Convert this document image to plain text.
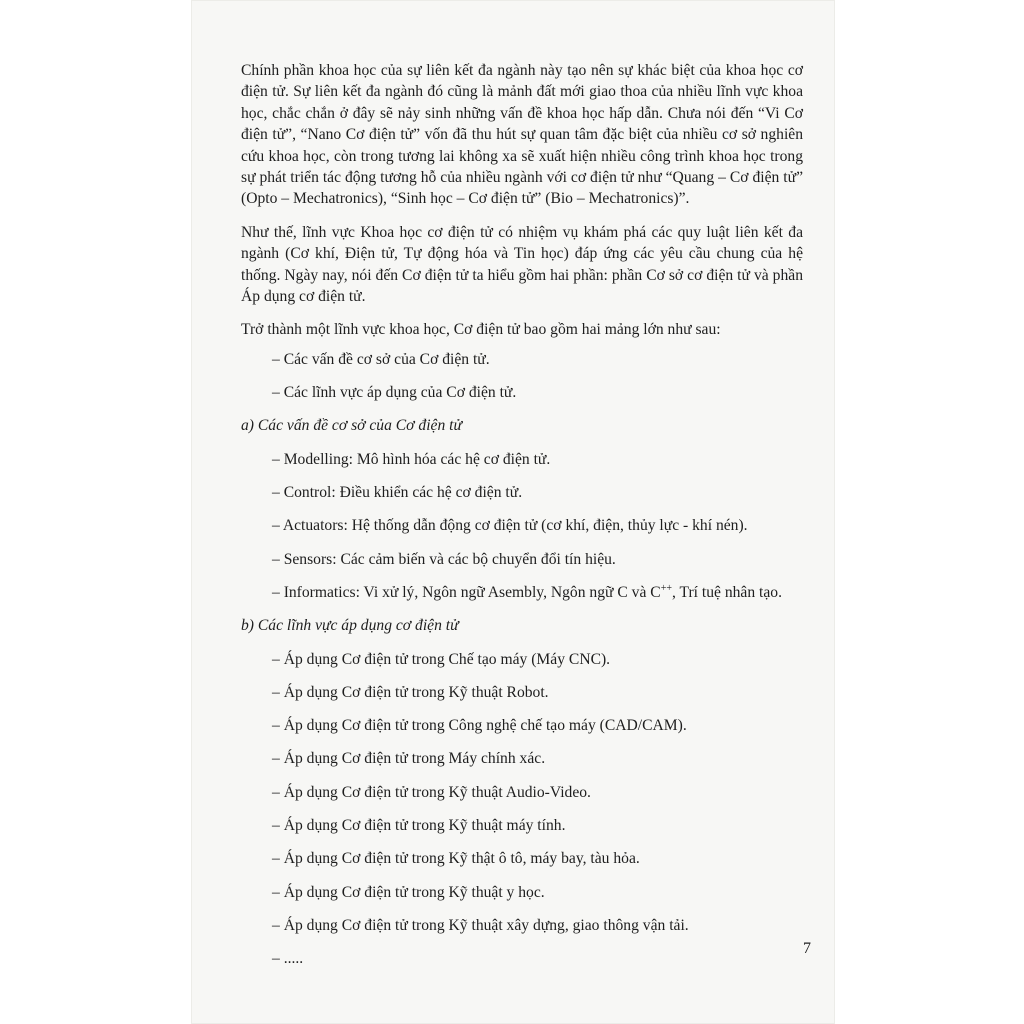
Chính phần khoa học của sự liên kết đa ngành này tạo nên sự khác biệt của khoa học cơ điện tử. Sự liên kết đa ngành đó cũng là mảnh đất mới giao thoa của nhiều lĩnh vực khoa học, chắc chắn ở đây sẽ nảy sinh những vấn đề khoa học hấp dẫn. Chưa nói đến “Vi Cơ điện tử”, “Nano Cơ điện tử” vốn đã thu hút sự quan tâm đặc biệt của nhiều cơ sở nghiên cứu khoa học, còn trong tương lai không xa sẽ xuất hiện nhiều công trình khoa học trong sự phát triển tác động tương hỗ của nhiều ngành với cơ điện tử như “Quang – Cơ điện tử” (Opto – Mechatronics), “Sinh học – Cơ điện tử” (Bio – Mechatronics)”.

Như thế, lĩnh vực Khoa học cơ điện tử có nhiệm vụ khám phá các quy luật liên kết đa ngành (Cơ khí, Điện tử, Tự động hóa và Tin học) đáp ứng các yêu cầu chung của hệ thống. Ngày nay, nói đến Cơ điện tử ta hiểu gồm hai phần: phần Cơ sở cơ điện tử và phần Áp dụng cơ điện tử.

Trở thành một lĩnh vực khoa học, Cơ điện tử bao gồm hai mảng lớn như sau:

– Các vấn đề cơ sở của Cơ điện tử.
– Các lĩnh vực áp dụng của Cơ điện tử.
a) Các vấn đề cơ sở của Cơ điện tử
– Modelling: Mô hình hóa các hệ cơ điện tử.
– Control: Điều khiển các hệ cơ điện tử.
– Actuators: Hệ thống dẫn động cơ điện tử (cơ khí, điện, thủy lực - khí nén).
– Sensors: Các cảm biến và các bộ chuyển đổi tín hiệu.
– Informatics: Vi xử lý, Ngôn ngữ Asembly, Ngôn ngữ C và C++, Trí tuệ nhân tạo.
b) Các lĩnh vực áp dụng cơ điện tử
– Áp dụng Cơ điện tử trong Chế tạo máy (Máy CNC).
– Áp dụng Cơ điện tử trong Kỹ thuật Robot.
– Áp dụng Cơ điện tử trong Công nghệ chế tạo máy (CAD/CAM).
– Áp dụng Cơ điện tử trong Máy chính xác.
– Áp dụng Cơ điện tử trong Kỹ thuật Audio-Video.
– Áp dụng Cơ điện tử trong Kỹ thuật máy tính.
– Áp dụng Cơ điện tử trong Kỹ thật ô tô, máy bay, tàu hỏa.
– Áp dụng Cơ điện tử trong Kỹ thuật y học.
– Áp dụng Cơ điện tử trong Kỹ thuật xây dựng, giao thông vận tải.
– .....
7
